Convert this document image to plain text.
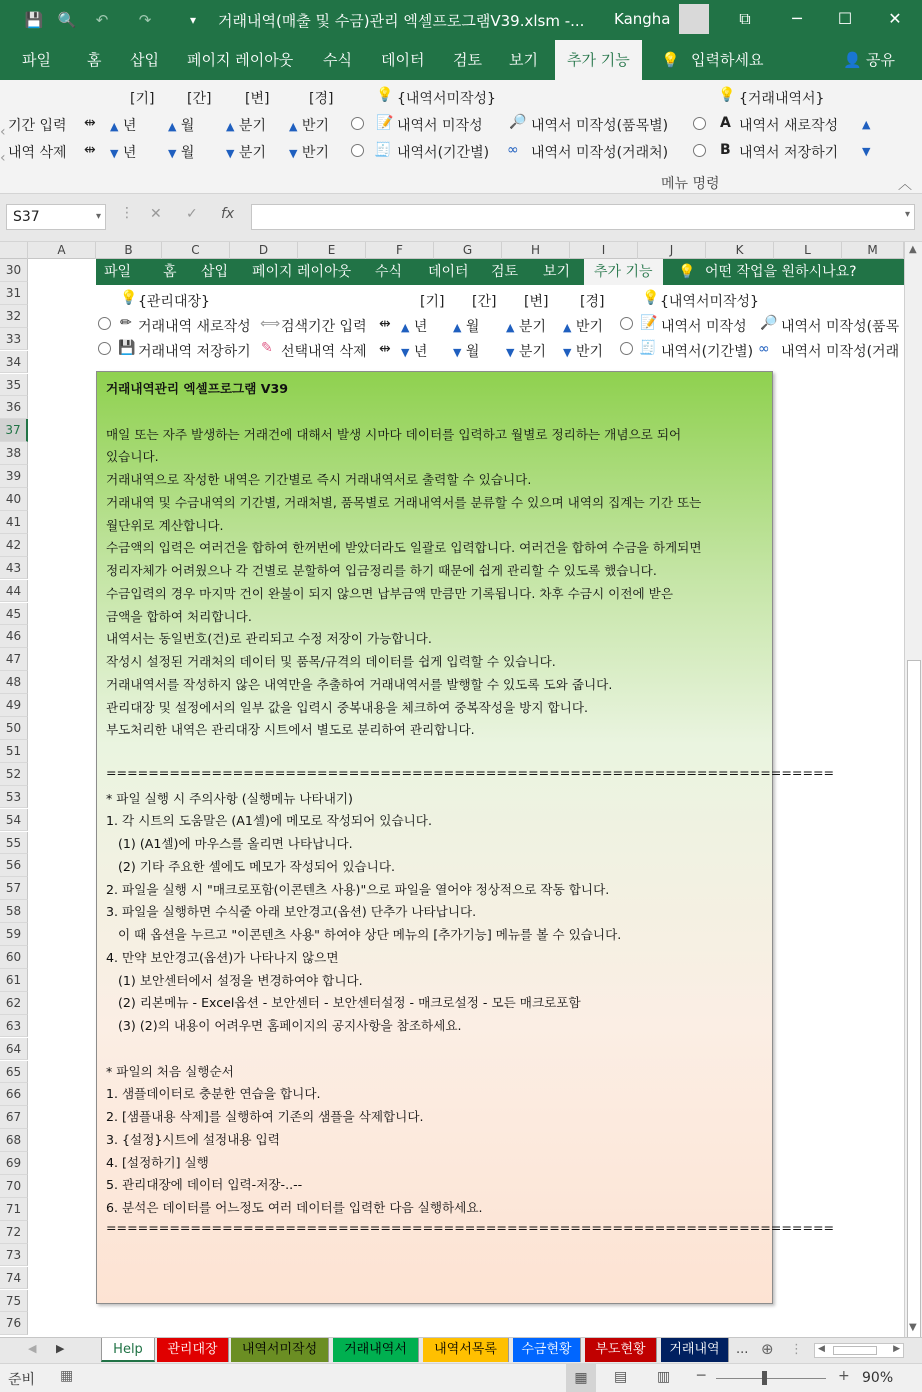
💾 🔍	↶	↷	▾	거래내역(매출 및 수금)관리 엑셀프로그램V39.xlsm -... Kangha	⧉	─	☐	✕
파일 홈 삽입 페이지 레이아웃 수식 데이터 검토 보기	추가 기능	💡 입력하세요	👤 공유
‹
‹
[기] [간] [변]	[경]	💡 {내역서미작성}	💡 {거래내역서}
기간 입력 ⇹ ▲ 년	▲ 월	▲ 분기 ▲ 반기	📝 내역서 미작성 🔎 내역서 미작성(품목별)	A 내역서 새로작성 ▲
내역 삭제 ⇹ ▼ 년	▼ 월	▼ 분기 ▼ 반기	🧾 내역서(기간별) ∞ 내역서 미작성(거래처)	B 내역서 저장하기 ▼
메뉴 명령	︿
S37	▾ ⋮ ✕ ✓ fx	▾
A	B	C	D	E	F	G	H	I	J	K	L	M
30
31
32
33
34
35
36
37
38
39
40
41
42
43
44
45
46
47
48
49
50
51
52
53
54
55
56
57
58
59
60
61
62
63
64
65
66
67
68
69
70
71
72
73
74
75
76
파일 홈 삽입 페이지 레이아웃 수식 데이터 검토 보기	추가 기능	💡 어떤 작업을 원하시나요?
💡 {관리대장}	[기] [간] [변] [경]	💡 {내역서미작성}
✏ 거래내역 새로작성 ⟺ 검색기간 입력 ⇹ ▲ 년 ▲ 월 ▲ 분기 ▲ 반기	📝 내역서 미작성 🔎 내역서 미작성(품목
💾 거래내역 저장하기 ✎ 선택내역 삭제 ⇹ ▼ 년 ▼ 월 ▼ 분기 ▼ 반기	🧾 내역서(기간별) ∞ 내역서 미작성(거래
거래내역관리 엑셀프로그램 V39
매일 또는 자주 발생하는 거래건에 대해서 발생 시마다 데이터를 입력하고 월별로 정리하는 개념으로 되어
있습니다.
거래내역으로 작성한 내역은 기간별로 즉시 거래내역서로 출력할 수 있습니다.
거래내역 및 수금내역의 기간별, 거래처별, 품목별로 거래내역서를 분류할 수 있으며 내역의 집계는 기간 또는
월단위로 계산합니다.
수금액의 입력은 여러건을 합하여 한꺼번에 받았더라도 일괄로 입력합니다. 여러건을 합하여 수금을 하게되면
정리자체가 어려웠으나 각 건별로 분할하여 입금정리를 하기 때문에 쉽게 관리할 수 있도록 했습니다.
수금입력의 경우 마지막 건이 완불이 되지 않으면 납부금액 만큼만 기록됩니다. 차후 수금시 이전에 받은
금액을 합하여 처리합니다.
내역서는 동일번호(건)로 관리되고 수정 저장이 가능합니다.
작성시 설정된 거래처의 데이터 및 품목/규격의 데이터를 쉽게 입력할 수 있습니다.
거래내역서를 작성하지 않은 내역만을 추출하여 거래내역서를 발행할 수 있도록 도와 줍니다.
관리대장 및 설정에서의 일부 값을 입력시 중복내용을 체크하여 중복작성을 방지 합니다.
부도처리한 내역은 관리대장 시트에서 별도로 분리하여 관리합니다.
=====================================================================
* 파일 실행 시 주의사항 (실행메뉴 나타내기)
1. 각 시트의 도움말은 (A1셀)에 메모로 작성되어 있습니다.
(1) (A1셀)에 마우스를 올리면 나타납니다.
(2) 기타 주요한 셀에도 메모가 작성되어 있습니다.
2. 파일을 실행 시 "매크로포함(이콘텐츠 사용)"으로 파일을 열어야 정상적으로 작동 합니다.
3. 파일을 실행하면 수식줄 아래 보안경고(옵션) 단추가 나타납니다.
이 때 옵션을 누르고 "이콘텐츠 사용" 하여야 상단 메뉴의 [추가기능] 메뉴를 볼 수 있습니다.
4. 만약 보안경고(옵션)가 나타나지 않으면
(1) 보안센터에서 설정을 변경하여야 합니다.
(2) 리본메뉴 - Excel옵션 - 보안센터 - 보안센터설정 - 매크로설정 - 모든 매크로포함
(3) (2)의 내용이 어려우면 홈페이지의 공지사항을 참조하세요.
* 파일의 처음 실행순서
1. 샘플데이터로 충분한 연습을 합니다.
2. [샘플내용 삭제]를 실행하여 기존의 샘플을 삭제합니다.
3. {설정}시트에 설정내용 입력
4. [설정하기] 실행
5. 관리대장에 데이터 입력-저장-..--
6. 분석은 데이터를 어느정도 여러 데이터를 입력한 다음 실행하세요.
=====================================================================
▲
▼
◀ ▶	Help	관리대장	내역서미작성	거래내역서	내역서목록	수금현황	부도현황	거래내역	... ⊕ ⋮ ◀	▶
준비 ▦	▦	▤ ▥ ─	+ 90%
